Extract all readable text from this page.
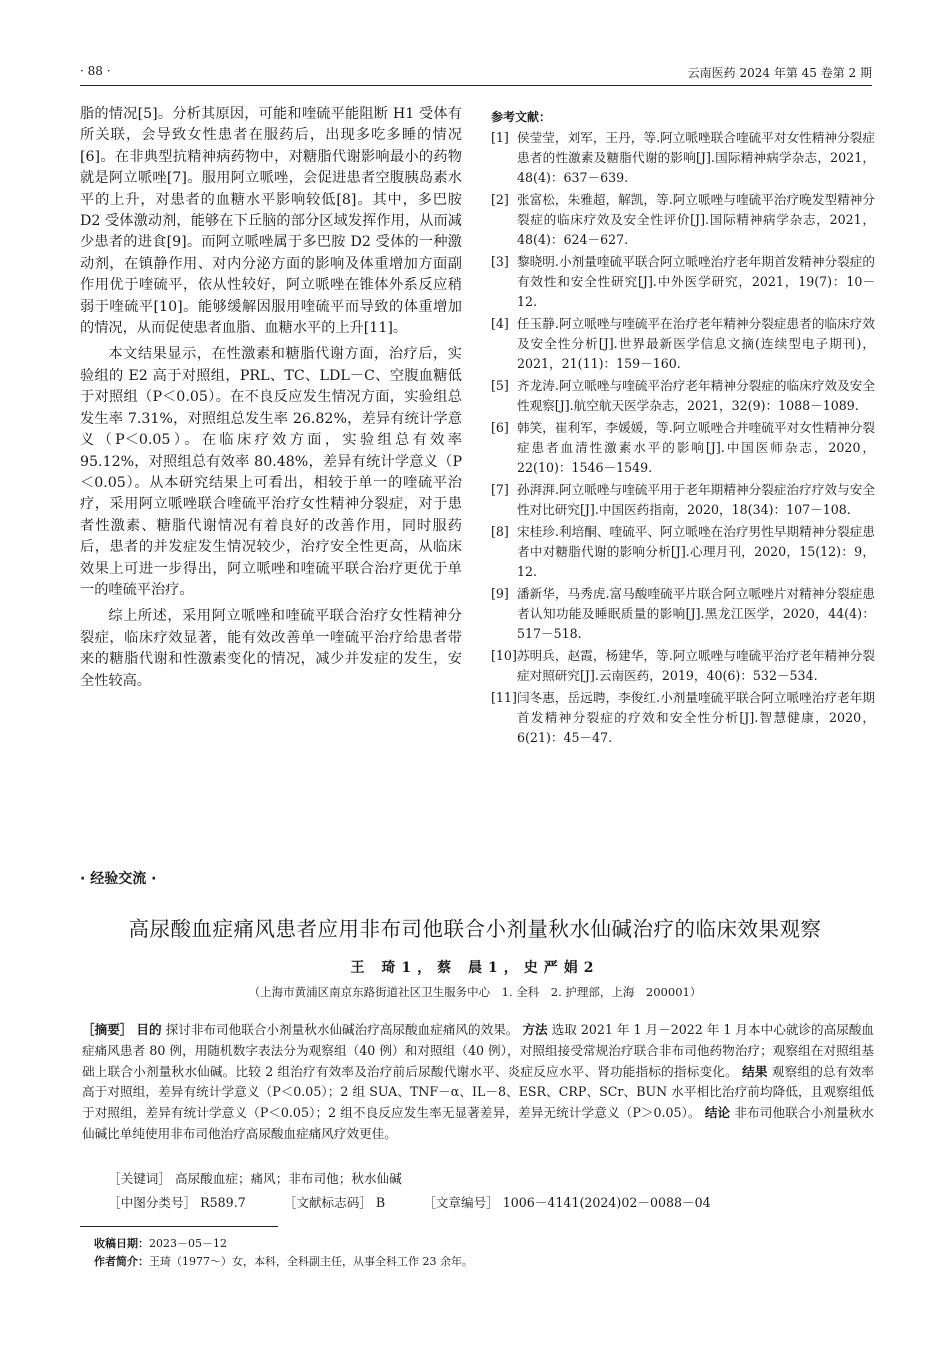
· 88 ·	云南医药 2024 年第 45 卷第 2 期

脂的情况[5]。分析其原因，可能和喹硫平能阻断 H1 受体有所关联，会导致女性患者在服药后，出现多吃多睡的情况[6]。在非典型抗精神病药物中，对糖脂代谢影响最小的药物就是阿立哌唑[7]。服用阿立哌唑，会促进患者空腹胰岛素水平的上升，对患者的血糖水平影响较低[8]。其中，多巴胺 D2 受体激动剂，能够在下丘脑的部分区域发挥作用，从而减少患者的进食[9]。而阿立哌唑属于多巴胺 D2 受体的一种激动剂，在镇静作用、对内分泌方面的影响及体重增加方面副作用优于喹硫平，依从性较好，阿立哌唑在锥体外系反应稍弱于喹硫平[10]。能够缓解因服用喹硫平而导致的体重增加的情况，从而促使患者血脂、血糖水平的上升[11]。

本文结果显示，在性激素和糖脂代谢方面，治疗后，实验组的 E2 高于对照组，PRL、TC、LDL－C、空腹血糖低于对照组（P＜0.05）。在不良反应发生情况方面，实验组总发生率 7.31%，对照组总发生率 26.82%，差异有统计学意义（P＜0.05）。在临床疗效方面，实验组总有效率 95.12%，对照组总有效率 80.48%，差异有统计学意义（P＜0.05）。从本研究结果上可看出，相较于单一的喹硫平治疗，采用阿立哌唑联合喹硫平治疗女性精神分裂症，对于患者性激素、糖脂代谢情况有着良好的改善作用，同时服药后，患者的并发症发生情况较少，治疗安全性更高，从临床效果上可进一步得出，阿立哌唑和喹硫平联合治疗更优于单一的喹硫平治疗。

综上所述，采用阿立哌唑和喹硫平联合治疗女性精神分裂症，临床疗效显著，能有效改善单一喹硫平治疗给患者带来的糖脂代谢和性激素变化的情况，减少并发症的发生，安全性较高。

参考文献：
[1] 侯莹莹，刘军，王丹，等.阿立哌唑联合喹硫平对女性精神分裂症患者的性激素及糖脂代谢的影响[J].国际精神病学杂志，2021，48(4)：637－639.
[2] 张富松，朱雅超，解凯，等.阿立哌唑与喹硫平治疗晚发型精神分裂症的临床疗效及安全性评价[J].国际精神病学杂志，2021，48(4)：624－627.
[3] 黎晓明.小剂量喹硫平联合阿立哌唑治疗老年期首发精神分裂症的有效性和安全性研究[J].中外医学研究，2021，19(7)：10－12.
[4] 任玉静.阿立哌唑与喹硫平在治疗老年精神分裂症患者的临床疗效及安全性分析[J].世界最新医学信息文摘(连续型电子期刊)，2021，21(11)：159－160.
[5] 齐龙涛.阿立哌唑与喹硫平治疗老年精神分裂症的临床疗效及安全性观察[J].航空航天医学杂志，2021，32(9)：1088－1089.
[6] 韩笑，崔利军，李媛媛，等.阿立哌唑合并喹硫平对女性精神分裂症患者血清性激素水平的影响[J].中国医师杂志，2020，22(10)：1546－1549.
[7] 孙湃湃.阿立哌唑与喹硫平用于老年期精神分裂症治疗疗效与安全性对比研究[J].中国医药指南，2020，18(34)：107－108.
[8] 宋桂珍.利培酮、喹硫平、阿立哌唑在治疗男性早期精神分裂症患者中对糖脂代谢的影响分析[J].心理月刊，2020，15(12)：9，12.
[9] 潘新华，马秀虎.富马酸喹硫平片联合阿立哌唑片对精神分裂症患者认知功能及睡眠质量的影响[J].黑龙江医学，2020，44(4)：517－518.
[10] 苏明兵，赵霞，杨建华，等.阿立哌唑与喹硫平治疗老年精神分裂症对照研究[J].云南医药，2019，40(6)：532－534.
[11] 闫冬惠，岳远聘，李俊红.小剂量喹硫平联合阿立哌唑治疗老年期首发精神分裂症的疗效和安全性分析[J].智慧健康，2020，6(21)：45－47.
· 经验交流 ·
高尿酸血症痛风患者应用非布司他联合小剂量秋水仙碱治疗的临床效果观察
王 琦1，蔡 晨1，史严娟2
（上海市黄浦区南京东路街道社区卫生服务中心　1. 全科　2. 护理部，上海　200001）
［摘要］ 目的 探讨非布司他联合小剂量秋水仙碱治疗高尿酸血症痛风的效果。 方法 选取 2021 年 1 月－2022 年 1 月本中心就诊的高尿酸血症痛风患者 80 例，用随机数字表法分为观察组（40 例）和对照组（40 例），对照组接受常规治疗联合非布司他药物治疗；观察组在对照组基础上联合小剂量秋水仙碱。比较 2 组治疗有效率及治疗前后尿酸代谢水平、炎症反应水平、肾功能指标的指标变化。 结果 观察组的总有效率高于对照组，差异有统计学意义（P＜0.05）；2 组 SUA、TNF－α、IL－8、ESR、CRP、SCr、BUN 水平相比治疗前均降低，且观察组低于对照组，差异有统计学意义（P＜0.05）；2 组不良反应发生率无显著差异，差异无统计学意义（P＞0.05）。 结论 非布司他联合小剂量秋水仙碱比单纯使用非布司他治疗高尿酸血症痛风疗效更佳。
［关键词］ 高尿酸血症；痛风；非布司他；秋水仙碱
［中图分类号］ R589.7	［文献标志码］ B	［文章编号］ 1006－4141(2024)02－0088－04
收稿日期：2023－05－12
作者简介：王琦（1977～）女，本科，全科副主任，从事全科工作 23 余年。
